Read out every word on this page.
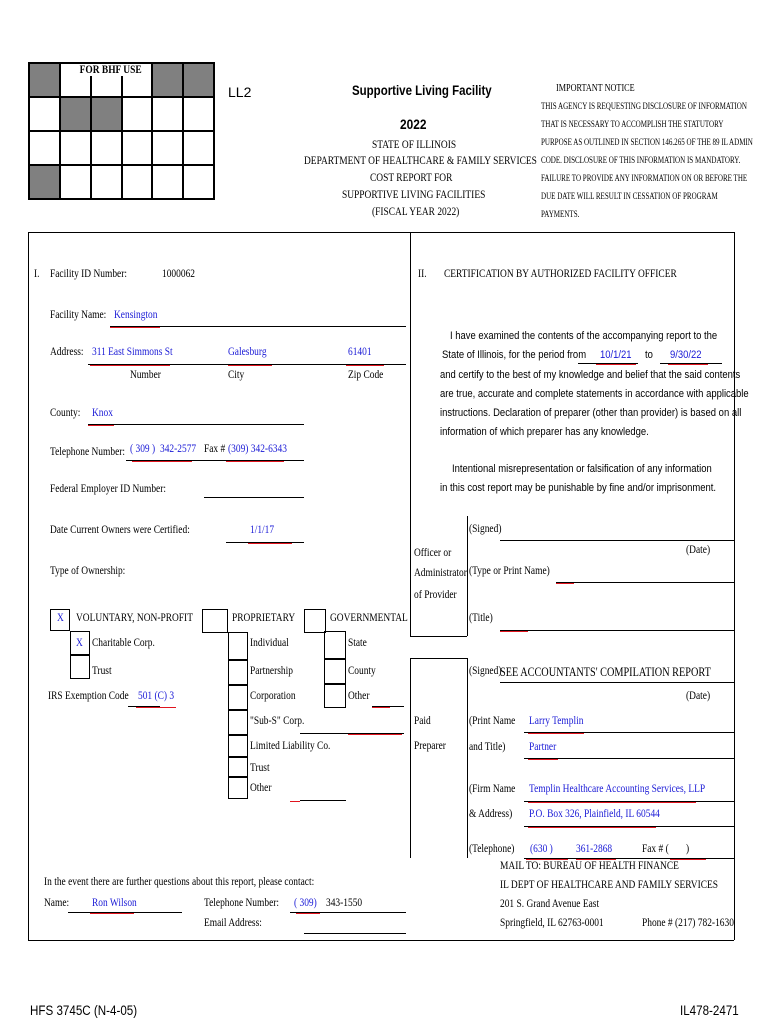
FOR BHF USE
LL2	Supportive Living Facility
2022
STATE OF ILLINOIS
DEPARTMENT OF HEALTHCARE & FAMILY SERVICES
COST REPORT FOR
SUPPORTIVE LIVING FACILITIES
(FISCAL YEAR 2022)
IMPORTANT NOTICE
THIS AGENCY IS REQUESTING DISCLOSURE OF INFORMATION
THAT IS NECESSARY TO ACCOMPLISH THE STATUTORY
PURPOSE AS OUTLINED IN SECTION 146.265 OF THE 89 IL ADMIN
CODE. DISCLOSURE OF THIS INFORMATION IS MANDATORY.
FAILURE TO PROVIDE ANY INFORMATION ON OR BEFORE THE
DUE DATE WILL RESULT IN CESSATION OF PROGRAM
PAYMENTS.
I. Facility ID Number:	1000062
Facility Name: Kensington
Address: 311 East Simmons St	Galesburg	61401
Number	City	Zip Code
County: Knox
Telephone Number: ( 309 ) 342-2577 Fax # (309) 342-6343
Federal Employer ID Number:
Date Current Owners were Certified:	1/1/17
Type of Ownership:
X VOLUNTARY, NON-PROFIT
X Charitable Corp.
Trust
IRS Exemption Code 501 (C) 3
PROPRIETARY
Individual
Partnership
Corporation
"Sub-S" Corp.
Limited Liability Co.
Trust
Other
GOVERNMENTAL
State
County
Other
In the event there are further questions about this report, please contact:
Name: Ron Wilson	Telephone Number: ( 309) 343-1550
Email Address:
II. CERTIFICATION BY AUTHORIZED FACILITY OFFICER
I have examined the contents of the accompanying report to the
State of Illinois, for the period from 10/1/21 to 9/30/22
and certify to the best of my knowledge and belief that the said contents
are true, accurate and complete statements in accordance with applicable
instructions. Declaration of preparer (other than provider) is based on all
information of which preparer has any knowledge.
Intentional misrepresentation or falsification of any information
in this cost report may be punishable by fine and/or imprisonment.
Officer or
Administrator
of Provider
(Signed)
(Date)
(Type or Print Name)
(Title)
Paid
Preparer
(Signed)
SEE ACCOUNTANTS' COMPILATION REPORT
(Date)
(Print Name Larry Templin
and Title) Partner
(Firm Name Templin Healthcare Accounting Services, LLP
& Address) P.O. Box 326, Plainfield, IL 60544
(Telephone) (630 ) 361-2868	Fax # ( )
MAIL TO: BUREAU OF HEALTH FINANCE
IL DEPT OF HEALTHCARE AND FAMILY SERVICES
201 S. Grand Avenue East
Springfield, IL 62763-0001	Phone # (217) 782-1630
HFS 3745C (N-4-05)	IL478-2471
